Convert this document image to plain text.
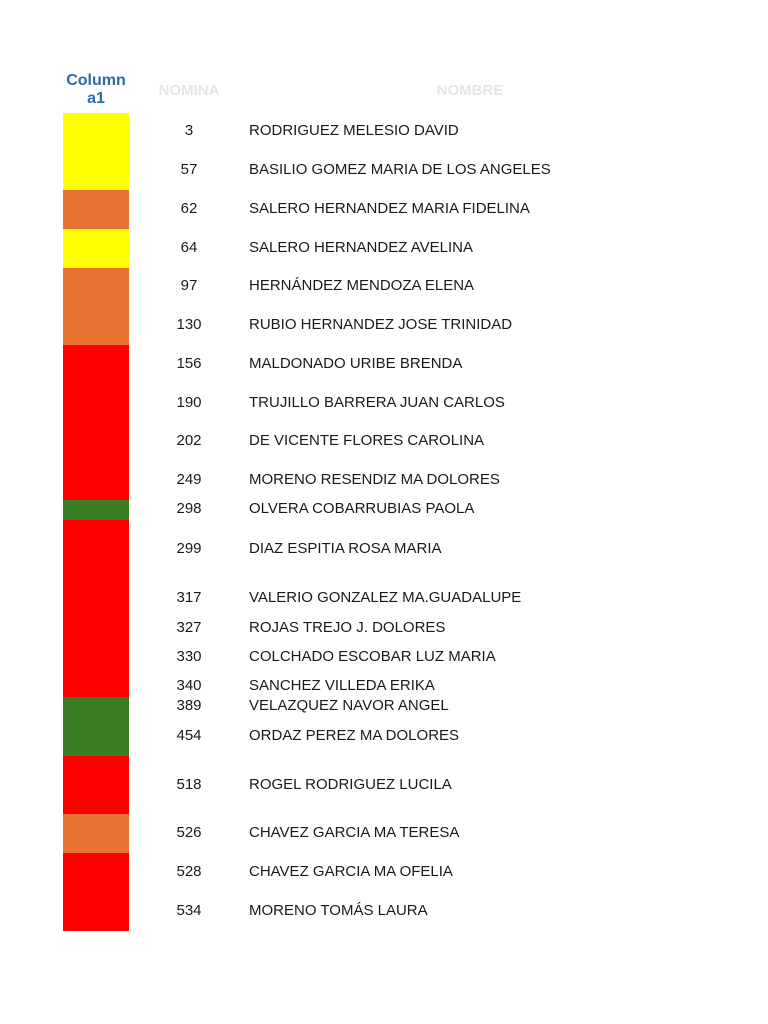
Column a1	NOMINA	NOMBRE
3	RODRIGUEZ MELESIO DAVID
57	BASILIO GOMEZ MARIA DE LOS ANGELES
62	SALERO HERNANDEZ MARIA FIDELINA
64	SALERO HERNANDEZ AVELINA
97	HERNÁNDEZ MENDOZA ELENA
130	RUBIO HERNANDEZ JOSE TRINIDAD
156	MALDONADO URIBE BRENDA
190	TRUJILLO BARRERA JUAN CARLOS
202	DE VICENTE FLORES CAROLINA
249	MORENO RESENDIZ MA DOLORES
298	OLVERA COBARRUBIAS PAOLA
299	DIAZ ESPITIA ROSA MARIA
317	VALERIO GONZALEZ MA.GUADALUPE
327	ROJAS TREJO J. DOLORES
330	COLCHADO ESCOBAR LUZ MARIA
340	SANCHEZ VILLEDA ERIKA
389	VELAZQUEZ NAVOR ANGEL
454	ORDAZ PEREZ MA DOLORES
518	ROGEL RODRIGUEZ LUCILA
526	CHAVEZ GARCIA MA TERESA
528	CHAVEZ GARCIA MA OFELIA
534	MORENO TOMÁS LAURA
